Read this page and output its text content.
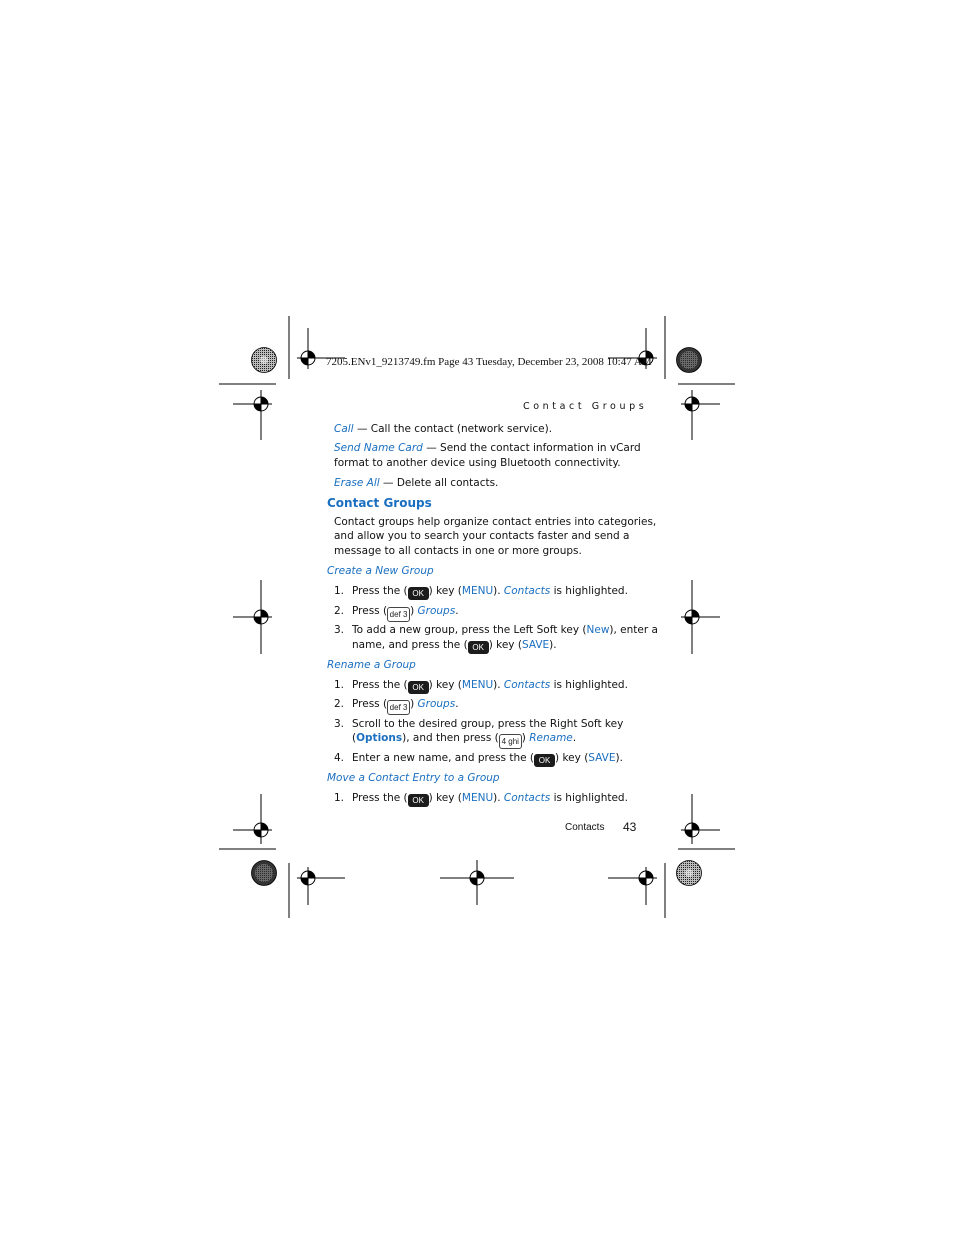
7205.ENv1_9213749.fm Page 43 Tuesday, December 23, 2008 10:47 AM
Contact Groups
Call — Call the contact (network service).
Send Name Card — Send the contact information in vCard
format to another device using Bluetooth connectivity.
Erase All — Delete all contacts.
Contact Groups
Contact groups help organize contact entries into categories,
and allow you to search your contacts faster and send a
message to all contacts in one or more groups.
Create a New Group
1. Press the ( OK ) key (MENU). Contacts is highlighted.
2. Press ( def 3 ) Groups.
3. To add a new group, press the Left Soft key (New), enter a
name, and press the ( OK ) key (SAVE).
Rename a Group
1. Press the ( OK ) key (MENU). Contacts is highlighted.
2. Press ( def 3 ) Groups.
3. Scroll to the desired group, press the Right Soft key
(Options), and then press ( 4 ghi ) Rename.
4. Enter a new name, and press the ( OK ) key (SAVE).
Move a Contact Entry to a Group
1. Press the ( OK ) key (MENU). Contacts is highlighted.
Contacts 43
